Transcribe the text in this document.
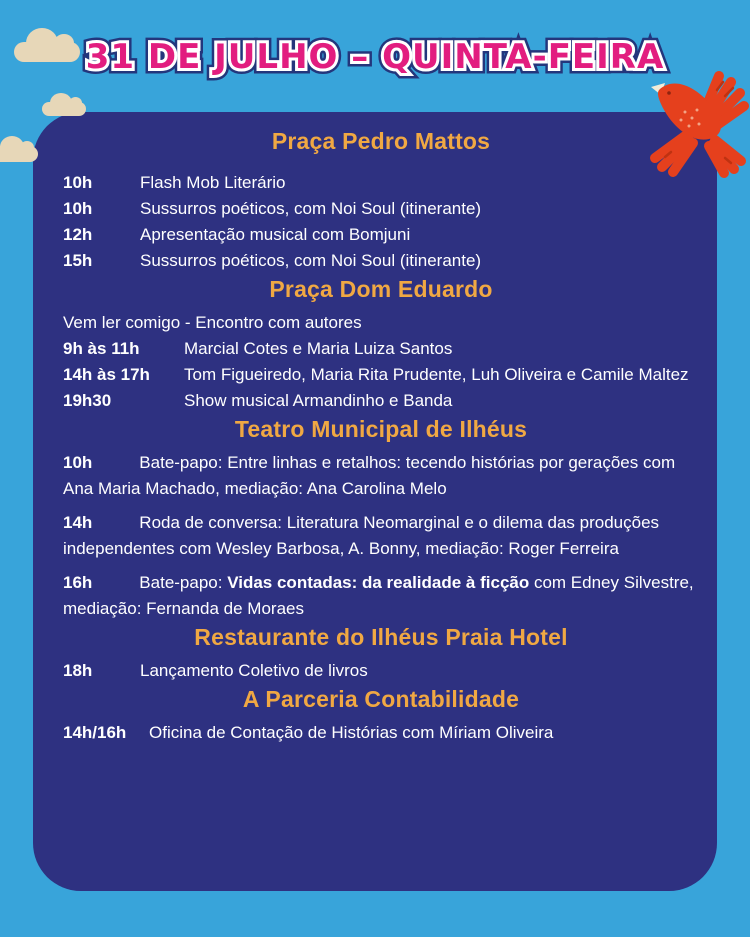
31 DE JULHO – QUINTA-FEIRA 31 DE JULHO – QUINTA-FEIRA 31 DE JULHO – QUINTA-FEIRA
Praça Pedro Mattos
10h	Flash Mob Literário
10h	Sussurros poéticos, com Noi Soul (itinerante)
12h	Apresentação musical com Bomjuni
15h	Sussurros poéticos, com Noi Soul (itinerante)
Praça Dom Eduardo

Vem ler comigo - Encontro com autores

9h às 11h	Marcial Cotes e Maria Luiza Santos
14h às 17h	Tom Figueiredo, Maria Rita Prudente, Luh Oliveira e Camile Maltez
19h30	Show musical Armandinho e Banda
Teatro Municipal de Ilhéus

10h	Bate-papo: Entre linhas e retalhos: tecendo histórias por gerações com Ana Maria Machado, mediação: Ana Carolina Melo

14h	Roda de conversa: Literatura Neomarginal e o dilema das produções independentes com Wesley Barbosa, A. Bonny, mediação: Roger Ferreira

16h	Bate-papo: Vidas contadas: da realidade à ficção com Edney Silvestre, mediação: Fernanda de Moraes

Restaurante do Ilhéus Praia Hotel
18h	Lançamento Coletivo de livros
A Parceria Contabilidade
14h/16h	Oficina de Contação de Histórias com Míriam Oliveira
